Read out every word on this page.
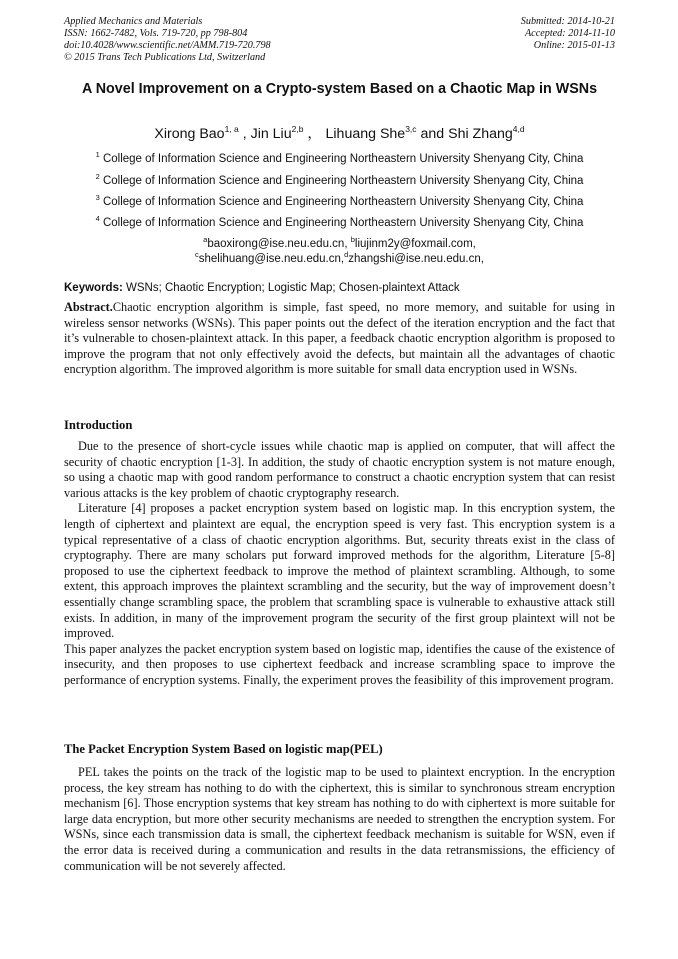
Applied Mechanics and Materials
ISSN: 1662-7482, Vols. 719-720, pp 798-804
doi:10.4028/www.scientific.net/AMM.719-720.798
© 2015 Trans Tech Publications Ltd, Switzerland
Submitted: 2014-10-21
Accepted: 2014-11-10
Online: 2015-01-13
A Novel Improvement on a Crypto-system Based on a Chaotic Map in WSNs
Xirong Bao$^{1, a}$ , Jin Liu$^{2,b}$ ， Lihuang She$^{3,c}$ and Shi Zhang$^{4,d}$
$^1$ College of Information Science and Engineering Northeastern University Shenyang City, China
$^2$ College of Information Science and Engineering Northeastern University Shenyang City, China
$^3$ College of Information Science and Engineering Northeastern University Shenyang City, China
$^4$ College of Information Science and Engineering Northeastern University Shenyang City, China
$^a$baoxirong@ise.neu.edu.cn, $^b$liujinm2y@foxmail.com,
$^c$shelihuang@ise.neu.edu.cn,$^d$zhangshi@ise.neu.edu.cn,
Keywords: WSNs; Chaotic Encryption; Logistic Map; Chosen-plaintext Attack
Abstract.Chaotic encryption algorithm is simple, fast speed, no more memory, and suitable for using in wireless sensor networks (WSNs). This paper points out the defect of the iteration encryption and the fact that it’s vulnerable to chosen-plaintext attack. In this paper, a feedback chaotic encryption algorithm is proposed to improve the program that not only effectively avoid the defects, but maintain all the advantages of chaotic encryption algorithm. The improved algorithm is more suitable for small data encryption used in WSNs.
Introduction

Due to the presence of short-cycle issues while chaotic map is applied on computer, that will affect the security of chaotic encryption [1-3]. In addition, the study of chaotic encryption system is not mature enough, so using a chaotic map with good random performance to construct a chaotic encryption system that can resist various attacks is the key problem of chaotic cryptography research.

Literature [4] proposes a packet encryption system based on logistic map. In this encryption system, the length of ciphertext and plaintext are equal, the encryption speed is very fast. This encryption system is a typical representative of a class of chaotic encryption algorithms. But, security threats exist in the class of cryptography. There are many scholars put forward improved methods for the algorithm, Literature [5-8] proposed to use the ciphertext feedback to improve the method of plaintext scrambling. Although, to some extent, this approach improves the plaintext scrambling and the security, but the way of improvement doesn’t essentially change scrambling space, the problem that scrambling space is vulnerable to exhaustive attack still exists. In addition, in many of the improvement program the security of the first group plaintext will not be improved.

This paper analyzes the packet encryption system based on logistic map, identifies the cause of the existence of insecurity, and then proposes to use ciphertext feedback and increase scrambling space to improve the performance of encryption systems. Finally, the experiment proves the feasibility of this improvement program.

The Packet Encryption System Based on logistic map(PEL)

PEL takes the points on the track of the logistic map to be used to plaintext encryption. In the encryption process, the key stream has nothing to do with the ciphertext, this is similar to synchronous stream encryption mechanism [6]. Those encryption systems that key stream has nothing to do with ciphertext is more suitable for large data encryption, but more other security mechanisms are needed to strengthen the encryption system. For WSNs, since each transmission data is small, the ciphertext feedback mechanism is suitable for WSN, even if the error data is received during a communication and results in the data retransmissions, the efficiency of communication will be not severely affected.
